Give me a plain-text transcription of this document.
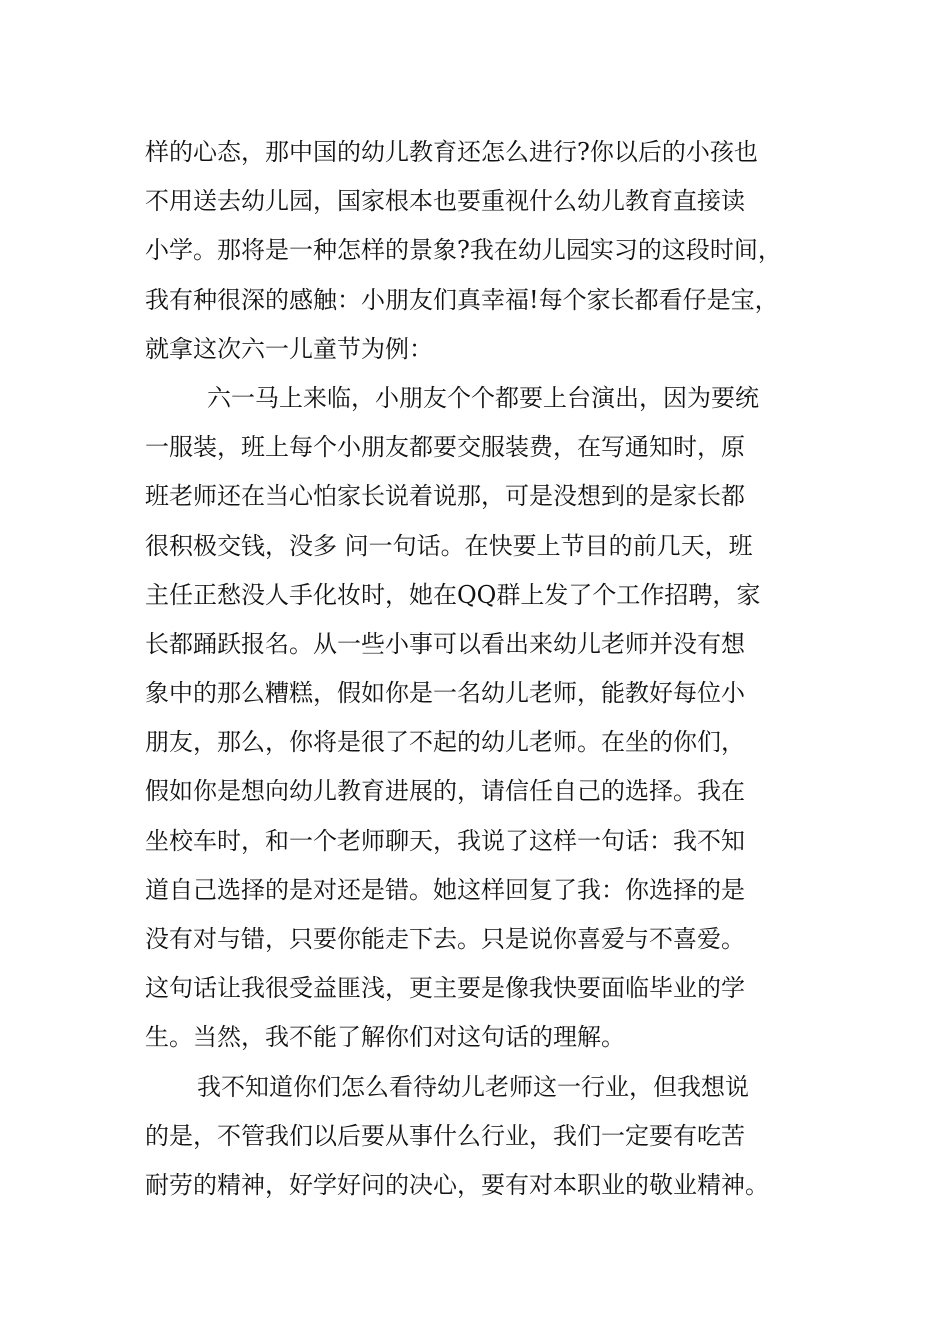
样的心态，那中国的幼儿教育还怎么进行?你以后的小孩也
不用送去幼儿园，国家根本也要重视什么幼儿教育直接读
小学。那将是一种怎样的景象?我在幼儿园实习的这段时间，
我有种很深的感触：小朋友们真幸福!每个家长都看仔是宝，
就拿这次六一儿童节为例：
六一马上来临，小朋友个个都要上台演出，因为要统
一服装，班上每个小朋友都要交服装费，在写通知时，原
班老师还在当心怕家长说着说那，可是没想到的是家长都
很积极交钱，没多 问一句话。在快要上节目的前几天，班
主任正愁没人手化妆时，她在QQ群上发了个工作招聘，家
长都踊跃报名。从一些小事可以看出来幼儿老师并没有想
象中的那么糟糕，假如你是一名幼儿老师，能教好每位小
朋友，那么，你将是很了不起的幼儿老师。在坐的你们，
假如你是想向幼儿教育进展的，请信任自己的选择。我在
坐校车时，和一个老师聊天，我说了这样一句话：我不知
道自己选择的是对还是错。她这样回复了我：你选择的是
没有对与错，只要你能走下去。只是说你喜爱与不喜爱。
这句话让我很受益匪浅，更主要是像我快要面临毕业的学
生。当然，我不能了解你们对这句话的理解。
我不知道你们怎么看待幼儿老师这一行业，但我想说
的是，不管我们以后要从事什么行业，我们一定要有吃苦
耐劳的精神，好学好问的决心，要有对本职业的敬业精神。
